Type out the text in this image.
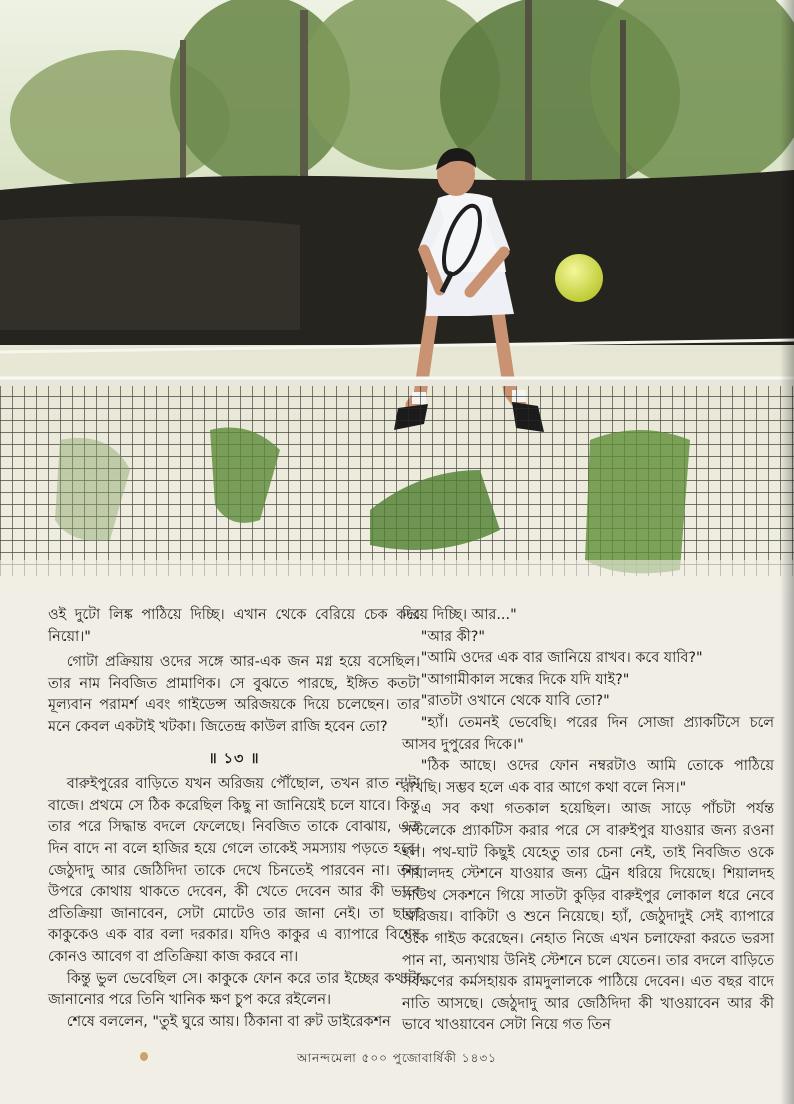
ওই দুটো লিঙ্ক পাঠিয়ে দিচ্ছি। এখান থেকে বেরিয়ে চেক করে নিয়ো।"

গোটা প্রক্রিয়ায় ওদের সঙ্গে আর-এক জন মগ্ন হয়ে বসেছিল। তার নাম নিবজিত প্রামাণিক। সে বুঝতে পারছে, ইঙ্গিত কতটা মূল্যবান পরামর্শ এবং গাইডেন্স অরিজয়কে দিয়ে চলেছেন। তার মনে কেবল একটাই খটকা। জিতেন্দ্র কাউল রাজি হবেন তো?

॥ ১৩ ॥

বারুইপুরের বাড়িতে যখন অরিজয় পৌঁছোল, তখন রাত ন'টা বাজে। প্রথমে সে ঠিক করেছিল কিছু না জানিয়েই চলে যাবে। কিন্তু তার পরে সিদ্ধান্ত বদলে ফেলেছে। নিবজিত তাকে বোঝায়, এত দিন বাদে না বলে হাজির হয়ে গেলে তাকেই সমস্যায় পড়তে হবে। জেঠুদাদু আর জেঠিদিদা তাকে দেখে চিনতেই পারবেন না। তার উপরে কোথায় থাকতে দেবেন, কী খেতে দেবেন আর কী ভাবে প্রতিক্রিয়া জানাবেন, সেটা মোটেও তার জানা নেই। তা ছাড়া কাকুকেও এক বার বলা দরকার। যদিও কাকুর এ ব্যাপারে বিশেষ কোনও আবেগ বা প্রতিক্রিয়া কাজ করবে না।

কিন্তু ভুল ভেবেছিল সে। কাকুকে ফোন করে তার ইচ্ছের কথাটা জানানোর পরে তিনি খানিক ক্ষণ চুপ করে রইলেন।

শেষে বললেন, "তুই ঘুরে আয়। ঠিকানা বা রুট ডাইরেকশন

দিয়ে দিচ্ছি। আর..."

"আর কী?"

"আমি ওদের এক বার জানিয়ে রাখব। কবে যাবি?"

"আগামীকাল সন্ধের দিকে যদি যাই?"

"রাতটা ওখানে থেকে যাবি তো?"

"হ্যাঁ। তেমনই ভেবেছি। পরের দিন সোজা প্র্যাকটিসে চলে আসব দুপুরের দিকে।"

"ঠিক আছে। ওদের ফোন নম্বরটাও আমি তোকে পাঠিয়ে রাখছি। সম্ভব হলে এক বার আগে কথা বলে নিস।"

এ সব কথা গতকাল হয়েছিল। আজ সাড়ে পাঁচটা পর্যন্ত সল্টলেকে প্র্যাকটিস করার পরে সে বারুইপুর যাওয়ার জন্য রওনা হল। পথ-ঘাট কিছুই যেহেতু তার চেনা নেই, তাই নিবজিত ওকে শিয়ালদহ স্টেশনে যাওয়ার জন্য ট্রেন ধরিয়ে দিয়েছে। শিয়ালদহ সাউথ সেকশনে গিয়ে সাতটা কুড়ির বারুইপুর লোকাল ধরে নেবে অরিজয়। বাকিটা ও শুনে নিয়েছে। হ্যাঁ, জেঠুদাদুই সেই ব্যাপারে ওকে গাইড করেছেন। নেহাত নিজে এখন চলাফেরা করতে ভরসা পান না, অন্যথায় উনিই স্টেশনে চলে যেতেন। তার বদলে বাড়িতে সর্বক্ষণের কর্মসহায়ক রামদুলালকে পাঠিয়ে দেবেন। এত বছর বাদে নাতি আসছে। জেঠুদাদু আর জেঠিদিদা কী খাওয়াবেন আর কী ভাবে খাওয়াবেন সেটা নিয়ে গত তিন

আনন্দমেলা ৫০০ পুজোবার্ষিকী ১৪৩১
